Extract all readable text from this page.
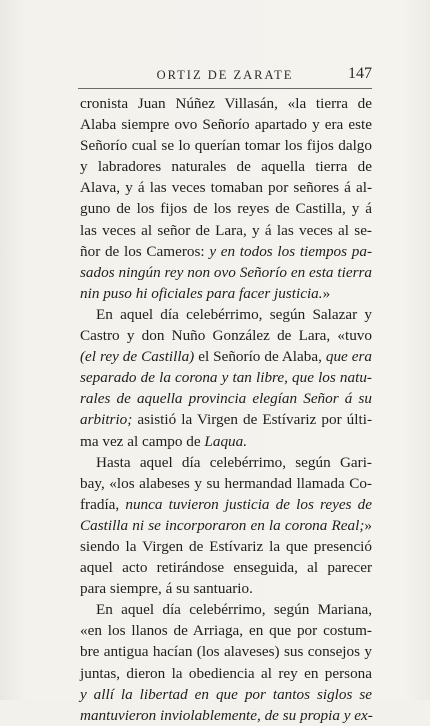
ORTIZ DE ZARATE	147
cronista Juan Núñez Villasán, «la tierra de
Alaba siempre ovo Señorío apartado y era este
Señorío cual se lo querían tomar los fijos dalgo
y labradores naturales de aquella tierra de
Alava, y á las veces tomaban por señores á al-
guno de los fijos de los reyes de Castilla, y á
las veces al señor de Lara, y á las veces al se-
ñor de los Cameros: y en todos los tiempos pa-
sados ningún rey non ovo Señorío en esta tierra
nin puso hi oficiales para facer justicia.»
En aquel día celebérrimo, según Salazar y
Castro y don Nuño González de Lara, «tuvo
(el rey de Castilla) el Señorío de Alaba, que era
separado de la corona y tan libre, que los natu-
rales de aquella provincia elegían Señor á su
arbitrio; asistió la Virgen de Estívariz por últi-
ma vez al campo de Laqua.
Hasta aquel día celebérrimo, según Gari-
bay, «los alabeses y su hermandad llamada Co-
fradía, nunca tuvieron justicia de los reyes de
Castilla ni se incorporaron en la corona Real;»
siendo la Virgen de Estívariz la que presenció
aquel acto retirándose enseguida, al parecer
para siempre, á su santuario.
En aquel día celebérrimo, según Mariana,
«en los llanos de Arriaga, en que por costum-
bre antigua hacían (los alaveses) sus consejos y
juntas, dieron la obediencia al rey en persona
y allí la libertad en que por tantos siglos se
mantuvieron inviolablemente, de su propia y ex-
